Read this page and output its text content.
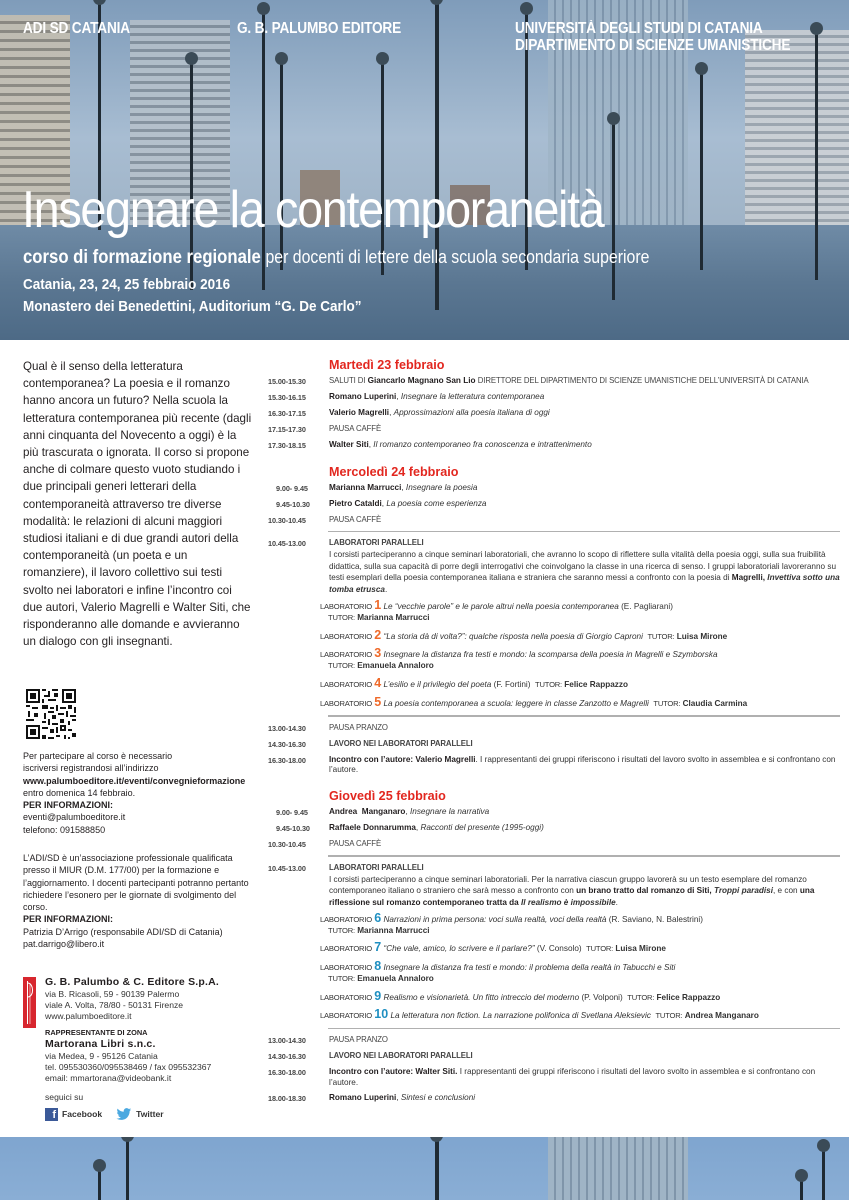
ADI SD CATANIA	G. B. PALUMBO EDITORE	UNIVERSITÀ DEGLI STUDI DI CATANIA
DIPARTIMENTO DI SCIENZE UMANISTICHE
Insegnare la contemporaneità
corso di formazione regionale per docenti di lettere della scuola secondaria superiore
Catania, 23, 24, 25 febbraio 2016
Monastero dei Benedettini, Auditorium “G. De Carlo”
Qual è il senso della letteratura contemporanea? La poesia e il romanzo hanno ancora un futuro? Nella scuola la letteratura contemporanea più recente (dagli anni cinquanta del Novecento a oggi) è la più trascurata o ignorata. Il corso si propone anche di colmare questo vuoto studiando i due principali generi letterari della contemporaneità attraverso tre diverse modalità: le relazioni di alcuni maggiori studiosi italiani e di due grandi autori della contemporaneità (un poeta e un romanziere), il lavoro collettivo sui testi svolto nei laboratori e infine l’incontro coi due autori, Valerio Magrelli e Walter Siti, che risponderanno alle domande e avvieranno un dialogo con gli insegnanti.
Per partecipare al corso è necessario
iscriversi registrandosi all’indirizzo
www.palumboeditore.it/eventi/convegnieformazione
entro domenica 14 febbraio.
PER INFORMAZIONI:
eventi@palumboeditore.it
telefono: 091588850
L’ADI/SD è un’associazione professionale qualificata presso il MIUR (D.M. 177/00) per la formazione e l’aggiornamento. I docenti partecipanti potranno pertanto richiedere l’esonero per le giornate di svolgimento del corso.
PER INFORMAZIONI:
Patrizia D’Arrigo (responsabile ADI/SD di Catania)
pat.darrigo@libero.it
G. B. Palumbo & C. Editore S.p.A.
via B. Ricasoli, 59 - 90139 Palermo
viale A. Volta, 78/80 - 50131 Firenze
www.palumboeditore.it
RAPPRESENTANTE DI ZONA
Martorana Libri s.n.c.
via Medea, 9 - 95126 Catania
tel. 095530360/095538469 / fax 095532367
email: mmartorana@videobank.it
seguici su
f Facebook	Twitter
Martedì 23 febbraio
15.00-15.30	SALUTI DI Giancarlo Magnano San Lio DIRETTORE DEL DIPARTIMENTO DI SCIENZE UMANISTICHE DELL’UNIVERSITÀ DI CATANIA
15.30-16.15	Romano Luperini, Insegnare la letteratura contemporanea
16.30-17.15	Valerio Magrelli, Approssimazioni alla poesia italiana di oggi
17.15-17.30	PAUSA CAFFÈ
17.30-18.15	Walter Siti, Il romanzo contemporaneo fra conoscenza e intrattenimento
Mercoledì 24 febbraio
9.00- 9.45	Marianna Marrucci, Insegnare la poesia
9.45-10.30	Pietro Cataldi, La poesia come esperienza
10.30-10.45	PAUSA CAFFÈ
10.45-13.00	LABORATORI PARALLELI
I corsisti parteciperanno a cinque seminari laboratoriali, che avranno lo scopo di riflettere sulla vitalità della poesia oggi, sulla sua fruibilità didattica, sulla sua capacità di porre degli interrogativi che coinvolgano la classe in una ricerca di senso. I gruppi laboratoriali lavoreranno su testi esemplari della poesia contemporanea italiana e straniera che saranno messi a confronto con la poesia di Magrelli, Invettiva sotto una tomba etrusca.
LABORATORIO 1 Le “vecchie parole” e le parole altrui nella poesia contemporanea (E. Pagliarani)
TUTOR: Marianna Marrucci
LABORATORIO 2 “La storia dà di volta?”: qualche risposta nella poesia di Giorgio Caproni TUTOR: Luisa Mirone
LABORATORIO 3 Insegnare la distanza fra testi e mondo: la scomparsa della poesia in Magrelli e Szymborska
TUTOR: Emanuela Annaloro
LABORATORIO 4 L’esilio e il privilegio del poeta (F. Fortini) TUTOR: Felice Rappazzo
LABORATORIO 5 La poesia contemporanea a scuola: leggere in classe Zanzotto e Magrelli TUTOR: Claudia Carmina
13.00-14.30	PAUSA PRANZO
14.30-16.30	LAVORO NEI LABORATORI PARALLELI
16.30-18.00	Incontro con l’autore: Valerio Magrelli. I rappresentanti dei gruppi riferiscono i risultati del lavoro svolto in assemblea e si confrontano con l’autore.
Giovedì 25 febbraio
9.00- 9.45	Andrea  Manganaro, Insegnare la narrativa
9.45-10.30	Raffaele Donnarumma, Racconti del presente (1995-oggi)
10.30-10.45	PAUSA CAFFÈ
10.45-13.00	LABORATORI PARALLELI
I corsisti parteciperanno a cinque seminari laboratoriali. Per la narrativa ciascun gruppo lavorerà su un testo esemplare del romanzo contemporaneo italiano o straniero che sarà messo a confronto con un brano tratto dal romanzo di Siti, Troppi paradisi, e con una riflessione sul romanzo contemporaneo tratta da Il realismo è impossibile.
LABORATORIO 6 Narrazioni in prima persona: voci sulla realtà, voci della realtà (R. Saviano, N. Balestrini)
TUTOR: Marianna Marrucci
LABORATORIO 7 “Che vale, amico, lo scrivere e il parlare?” (V. Consolo) TUTOR: Luisa Mirone
LABORATORIO 8 Insegnare la distanza fra testi e mondo: il problema della realtà in Tabucchi e Siti
TUTOR: Emanuela Annaloro
LABORATORIO 9 Realismo e visionarietà. Un fitto intreccio del moderno (P. Volponi) TUTOR: Felice Rappazzo
LABORATORIO 10 La letteratura non fiction. La narrazione polifonica di Svetlana Aleksievic TUTOR: Andrea Manganaro
13.00-14.30	PAUSA PRANZO
14.30-16.30	LAVORO NEI LABORATORI PARALLELI
16.30-18.00	Incontro con l’autore: Walter Siti. I rappresentanti dei gruppi riferiscono i risultati del lavoro svolto in assemblea e si confrontano con l’autore.
18.00-18.30	Romano Luperini, Sintesi e conclusioni
